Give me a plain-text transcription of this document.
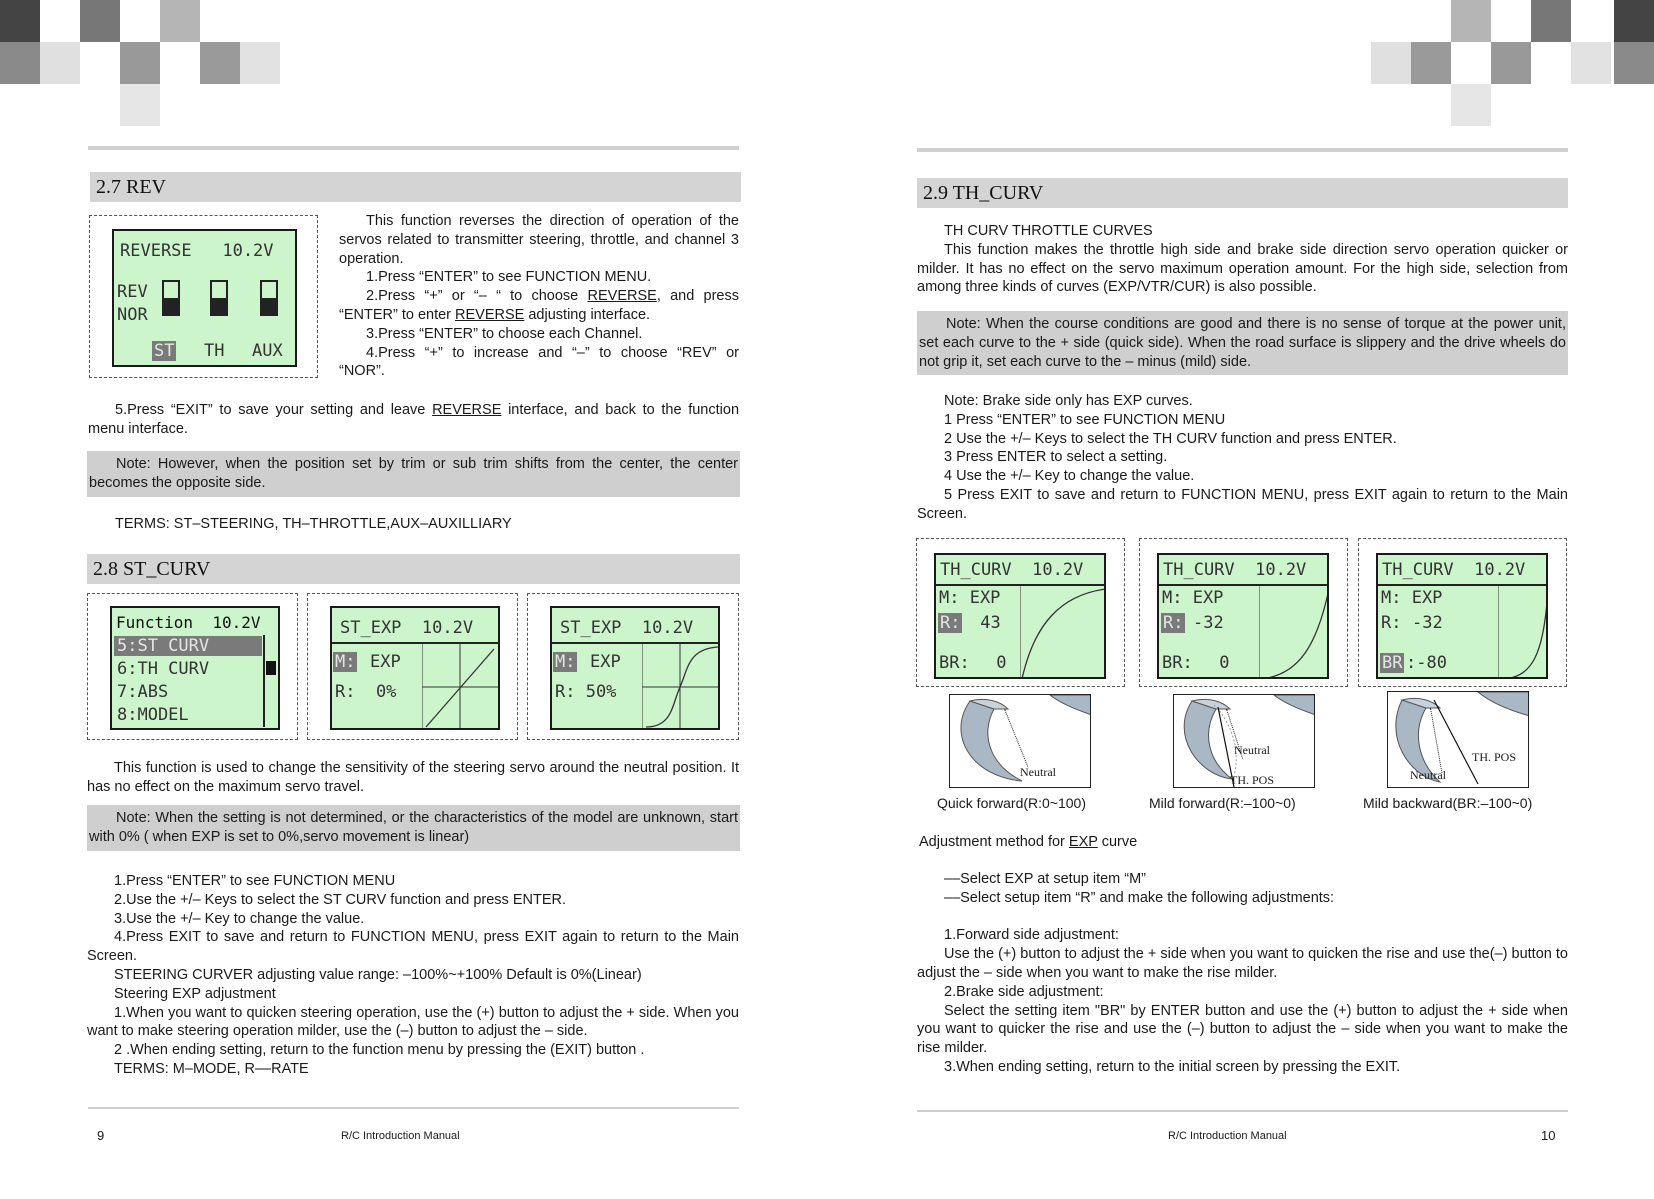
2.7 REV
REVERSE   10.2V
REV
NOR
ST TH AUX

This function reverses the direction of operation of the servos related to transmitter steering, throttle, and channel 3 operation.

1.Press “ENTER” to see FUNCTION MENU.

2.Press “+” or “– “ to choose REVERSE, and press “ENTER” to enter REVERSE adjusting interface.

3.Press “ENTER” to choose each Channel.

4.Press “+” to increase and “–” to choose “REV” or “NOR”.

5.Press “EXIT” to save your setting and leave REVERSE interface, and back to the function menu interface.

Note: However, when the position set by trim or sub trim shifts from the center, the center becomes the opposite side.
TERMS: ST–STEERING, TH–THROTTLE,AUX–AUXILLIARY
2.8 ST_CURV
Function  10.2V
5:ST CURV
6:TH CURV
7:ABS
8:MODEL
ST_EXP  10.2V
M: EXP
R:  0%
ST_EXP  10.2V
M: EXP
R: 50%

This function is used to change the sensitivity of the steering servo around the neutral position. It has no effect on the maximum servo travel.

Note: When the setting is not determined, or the characteristics of the model are unknown, start with 0% ( when EXP is set to 0%,servo movement is linear)

1.Press “ENTER” to see FUNCTION MENU

2.Use the +/– Keys to select the ST CURV function and press ENTER.

3.Use the +/– Key to change the value.

4.Press EXIT to save and return to FUNCTION MENU, press EXIT again to return to the Main Screen.

STEERING CURVER adjusting value range: –100%~+100% Default is 0%(Linear)

Steering EXP adjustment

1.When you want to quicken steering operation, use the (+) button to adjust the + side. When you want to make steering operation milder, use the (–) button to adjust the – side.

2 .When ending setting, return to the function menu by pressing the (EXIT) button .

TERMS: M–MODE, R––RATE

9	R/C Introduction Manual
2.9 TH_CURV

TH CURV THROTTLE CURVES

This function makes the throttle high side and brake side direction servo operation quicker or milder. It has no effect on the servo maximum operation amount. For the high side, selection from among three kinds of curves (EXP/VTR/CUR) is also possible.

Note: When the course conditions are good and there is no sense of torque at the power unit, set each curve to the + side (quick side). When the road surface is slippery and the drive wheels do not grip it, set each curve to the – minus (mild) side.

Note: Brake side only has EXP curves.

1 Press “ENTER” to see FUNCTION MENU

2 Use the +/– Keys to select the TH CURV function and press ENTER.

3 Press ENTER to select a setting.

4 Use the +/– Key to change the value.

5 Press EXIT to save and return to FUNCTION MENU, press EXIT again to return to the Main Screen.

TH_CURV  10.2V
M: EXP
R: 43
BR: 0
TH_CURV  10.2V
M: EXP
R: -32
BR: 0
TH_CURV  10.2V
M: EXP
R: -32
BR :-80
Neutral
Quick forward(R:0~100)
Neutral
TH. POS
Mild forward(R:–100~0)
Neutral
TH. POS
Mild backward(BR:–100~0)

Adjustment method for EXP curve

––Select EXP at setup item “M”

––Select setup item “R” and make the following adjustments:

1.Forward side adjustment:

Use the (+) button to adjust the + side when you want to quicken the rise and use the(–) button to adjust the – side when you want to make the rise milder.

2.Brake side adjustment:

Select the setting item "BR" by ENTER button and use the (+) button to adjust the + side when you want to quicker the rise and use the (–) button to adjust the – side when you want to make the rise milder.

3.When ending setting, return to the initial screen by pressing the EXIT.

R/C Introduction Manual	10
